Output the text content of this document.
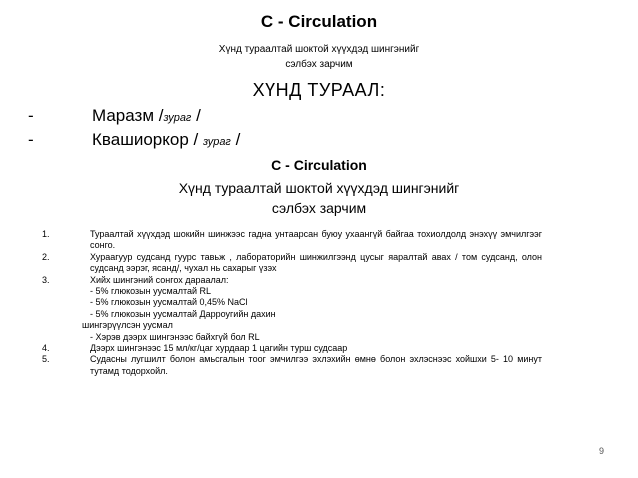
С - Circulation
Хүнд тураалтай шоктой хүүхдэд шингэнийг
сэлбэх зарчим
ХҮНД ТУРААЛ:
-	Маразм /зураг /
-	Квашиоркор / зураг /
С - Circulation
Хүнд тураалтай шоктой хүүхдэд шингэнийг
сэлбэх зарчим
1.	Тураалтай хүүхдэд шокийн шинжээс гадна унтаарсан буюу ухаангүй байгаа тохиолдолд энэхүү эмчилгээг сонго.
2.	Хураагуур судсанд гуурс тавьж , лабораторийн шинжилгээнд цусыг яаралтай авах / том судсанд, олон судсанд ээрэг, ясанд/, чухал нь сахарыг үзэх
3.	Хийх шингэний сонгох дараалал:
- 5% глюкозын уусмалтай RL
- 5% глюкозын уусмалтай 0,45% NaCl
- 5% глюкозын уусмалтай Дарроугийн дахин
шингэрүүлсэн уусмал
- Хэрэв дээрх шингэнээс байхгүй бол RL
4.	Дээрх шингэнээс 15 мл/кг/цаг хурдаар 1 цагийн турш судсаар
5.	Судасны лугшилт болон амьсгалын тоог эмчилгээ эхлэхийн өмнө болон эхлэснээс хойшхи 5- 10 минут тутамд тодорхойл.
9
